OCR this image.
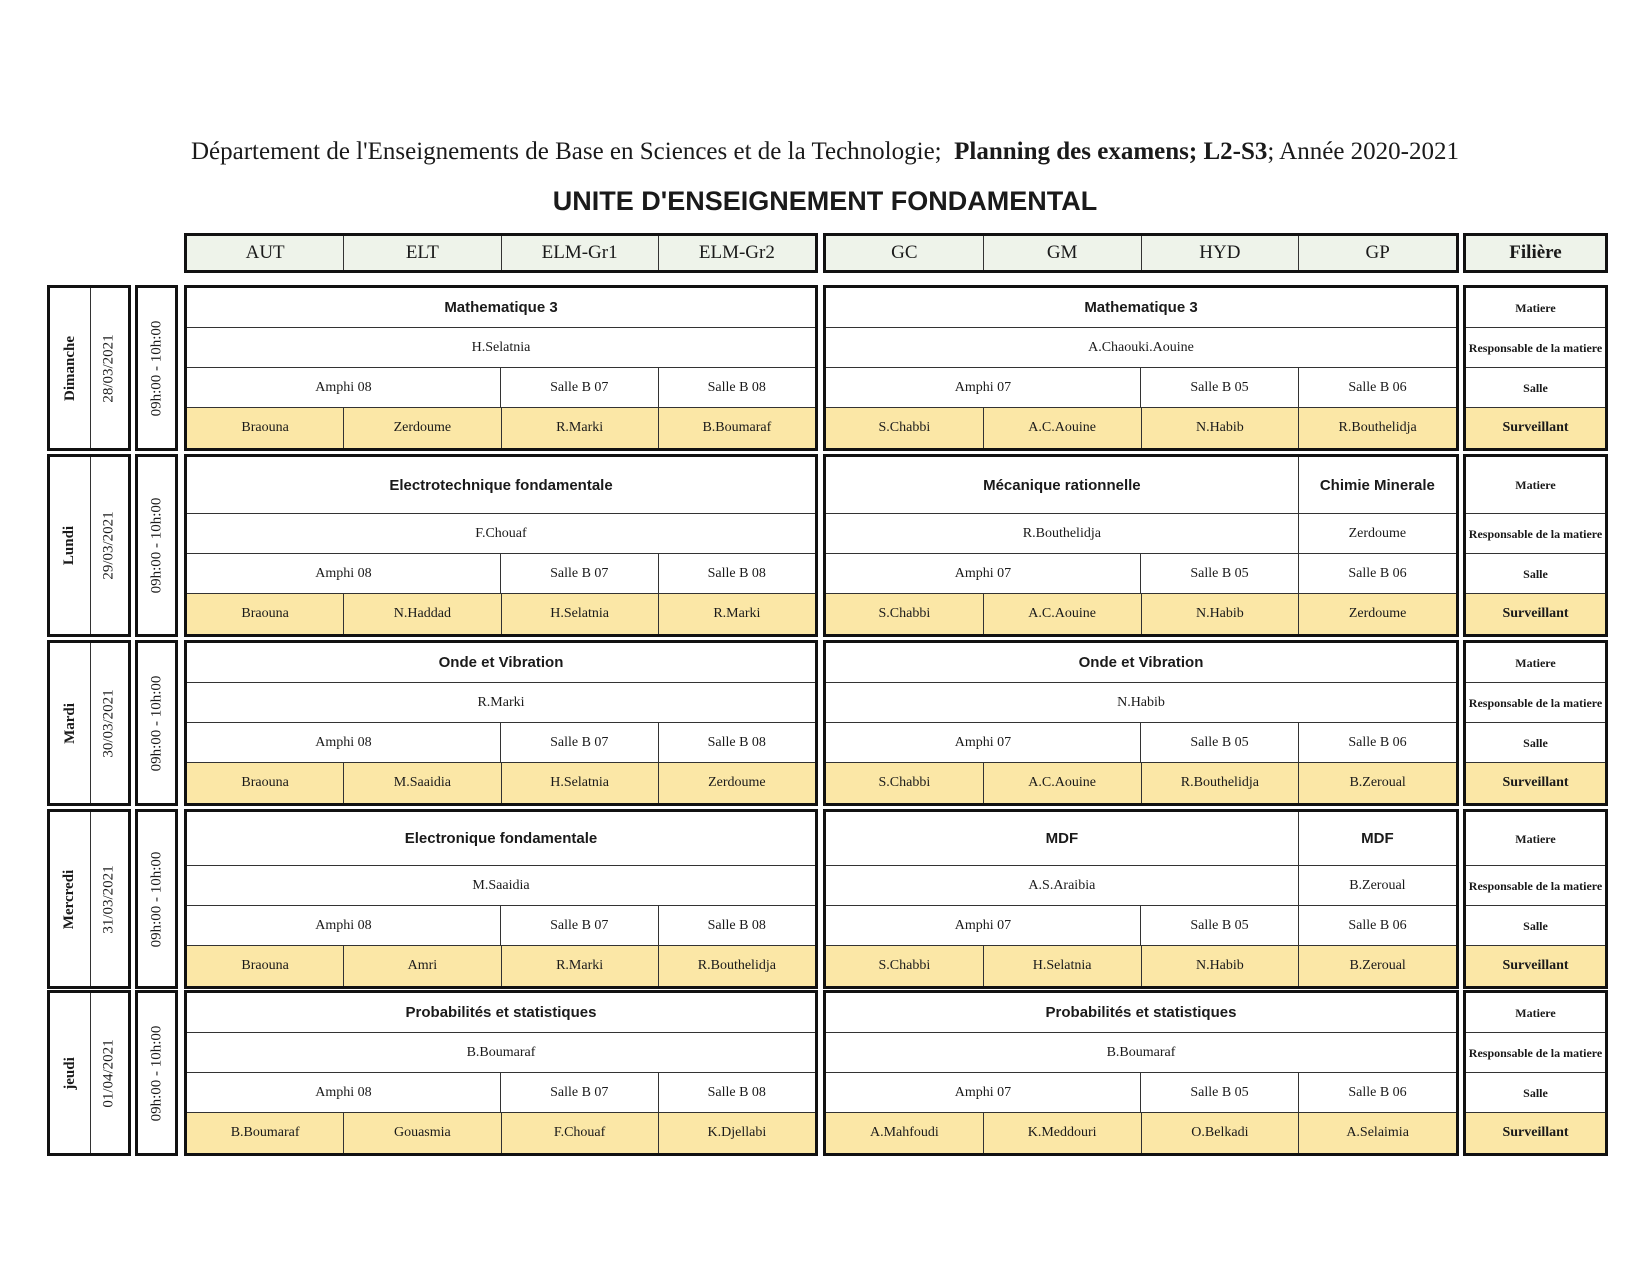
Département de l'Enseignements de Base en Sciences et de la Technologie; Planning des examens; L2-S3; Année 2020-2021
UNITE D'ENSEIGNEMENT FONDAMENTAL
AUT	ELT	ELM-Gr1	ELM-Gr2	GC	GM	HYD	GP	Filière
Dimanche 28/03/2021 09h:00 - 10h:00
Mathematique 3
H.Selatnia
Amphi 08	Salle B 07	Salle B 08
Braouna	Zerdoume	R.Marki	B.Boumaraf
Mathematique 3
A.Chaouki.Aouine
Amphi 07	Salle B 05	Salle B 06
S.Chabbi	A.C.Aouine	N.Habib	R.Bouthelidja
Matiere
Responsable de la matiere
Salle
Surveillant
Lundi 29/03/2021 09h:00 - 10h:00
Electrotechnique fondamentale
F.Chouaf
Amphi 08	Salle B 07	Salle B 08
Braouna	N.Haddad	H.Selatnia	R.Marki
Mécanique rationnelle	Chimie Minerale
R.Bouthelidja	Zerdoume
Amphi 07	Salle B 05	Salle B 06
S.Chabbi	A.C.Aouine	N.Habib	Zerdoume
Matiere
Responsable de la matiere
Salle
Surveillant
Mardi 30/03/2021 09h:00 - 10h:00
Onde et Vibration
R.Marki
Amphi 08	Salle B 07	Salle B 08
Braouna	M.Saaidia	H.Selatnia	Zerdoume
Onde et Vibration
N.Habib
Amphi 07	Salle B 05	Salle B 06
S.Chabbi	A.C.Aouine	R.Bouthelidja	B.Zeroual
Matiere
Responsable de la matiere
Salle
Surveillant
Mercredi 31/03/2021 09h:00 - 10h:00
Electronique fondamentale
M.Saaidia
Amphi 08	Salle B 07	Salle B 08
Braouna	Amri	R.Marki	R.Bouthelidja
MDF	MDF
A.S.Araibia	B.Zeroual
Amphi 07	Salle B 05	Salle B 06
S.Chabbi	H.Selatnia	N.Habib	B.Zeroual
Matiere
Responsable de la matiere
Salle
Surveillant
jeudi 01/04/2021 09h:00 - 10h:00
Probabilités et statistiques
B.Boumaraf
Amphi 08	Salle B 07	Salle B 08
B.Boumaraf	Gouasmia	F.Chouaf	K.Djellabi
Probabilités et statistiques
B.Boumaraf
Amphi 07	Salle B 05	Salle B 06
A.Mahfoudi	K.Meddouri	O.Belkadi	A.Selaimia
Matiere
Responsable de la matiere
Salle
Surveillant
